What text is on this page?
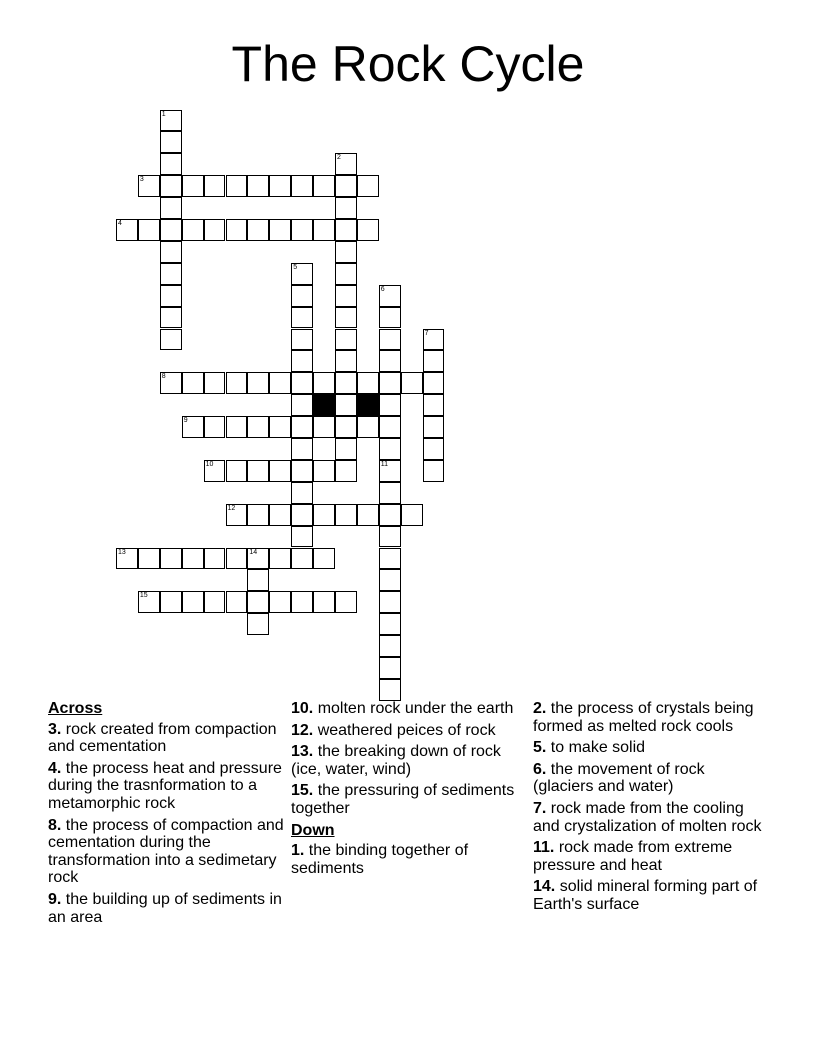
The Rock Cycle
1
2
3
4
5
6
7
8
9
10	11
12
13	14
15
Across
3. rock created from compaction and cementation
4. the process heat and pressure during the trasnformation to a metamorphic rock
8. the process of compaction and cementation during the transformation into a sedimetary rock
9. the building up of sediments in an area
10. molten rock under the earth
12. weathered peices of rock
13. the breaking down of rock (ice, water, wind)
15. the pressuring of sediments together
Down
1. the binding together of sediments
2. the process of crystals being formed as melted rock cools
5. to make solid
6. the movement of rock (glaciers and water)
7. rock made from the cooling and crystalization of molten rock
11. rock made from extreme pressure and heat
14. solid mineral forming part of Earth's surface
